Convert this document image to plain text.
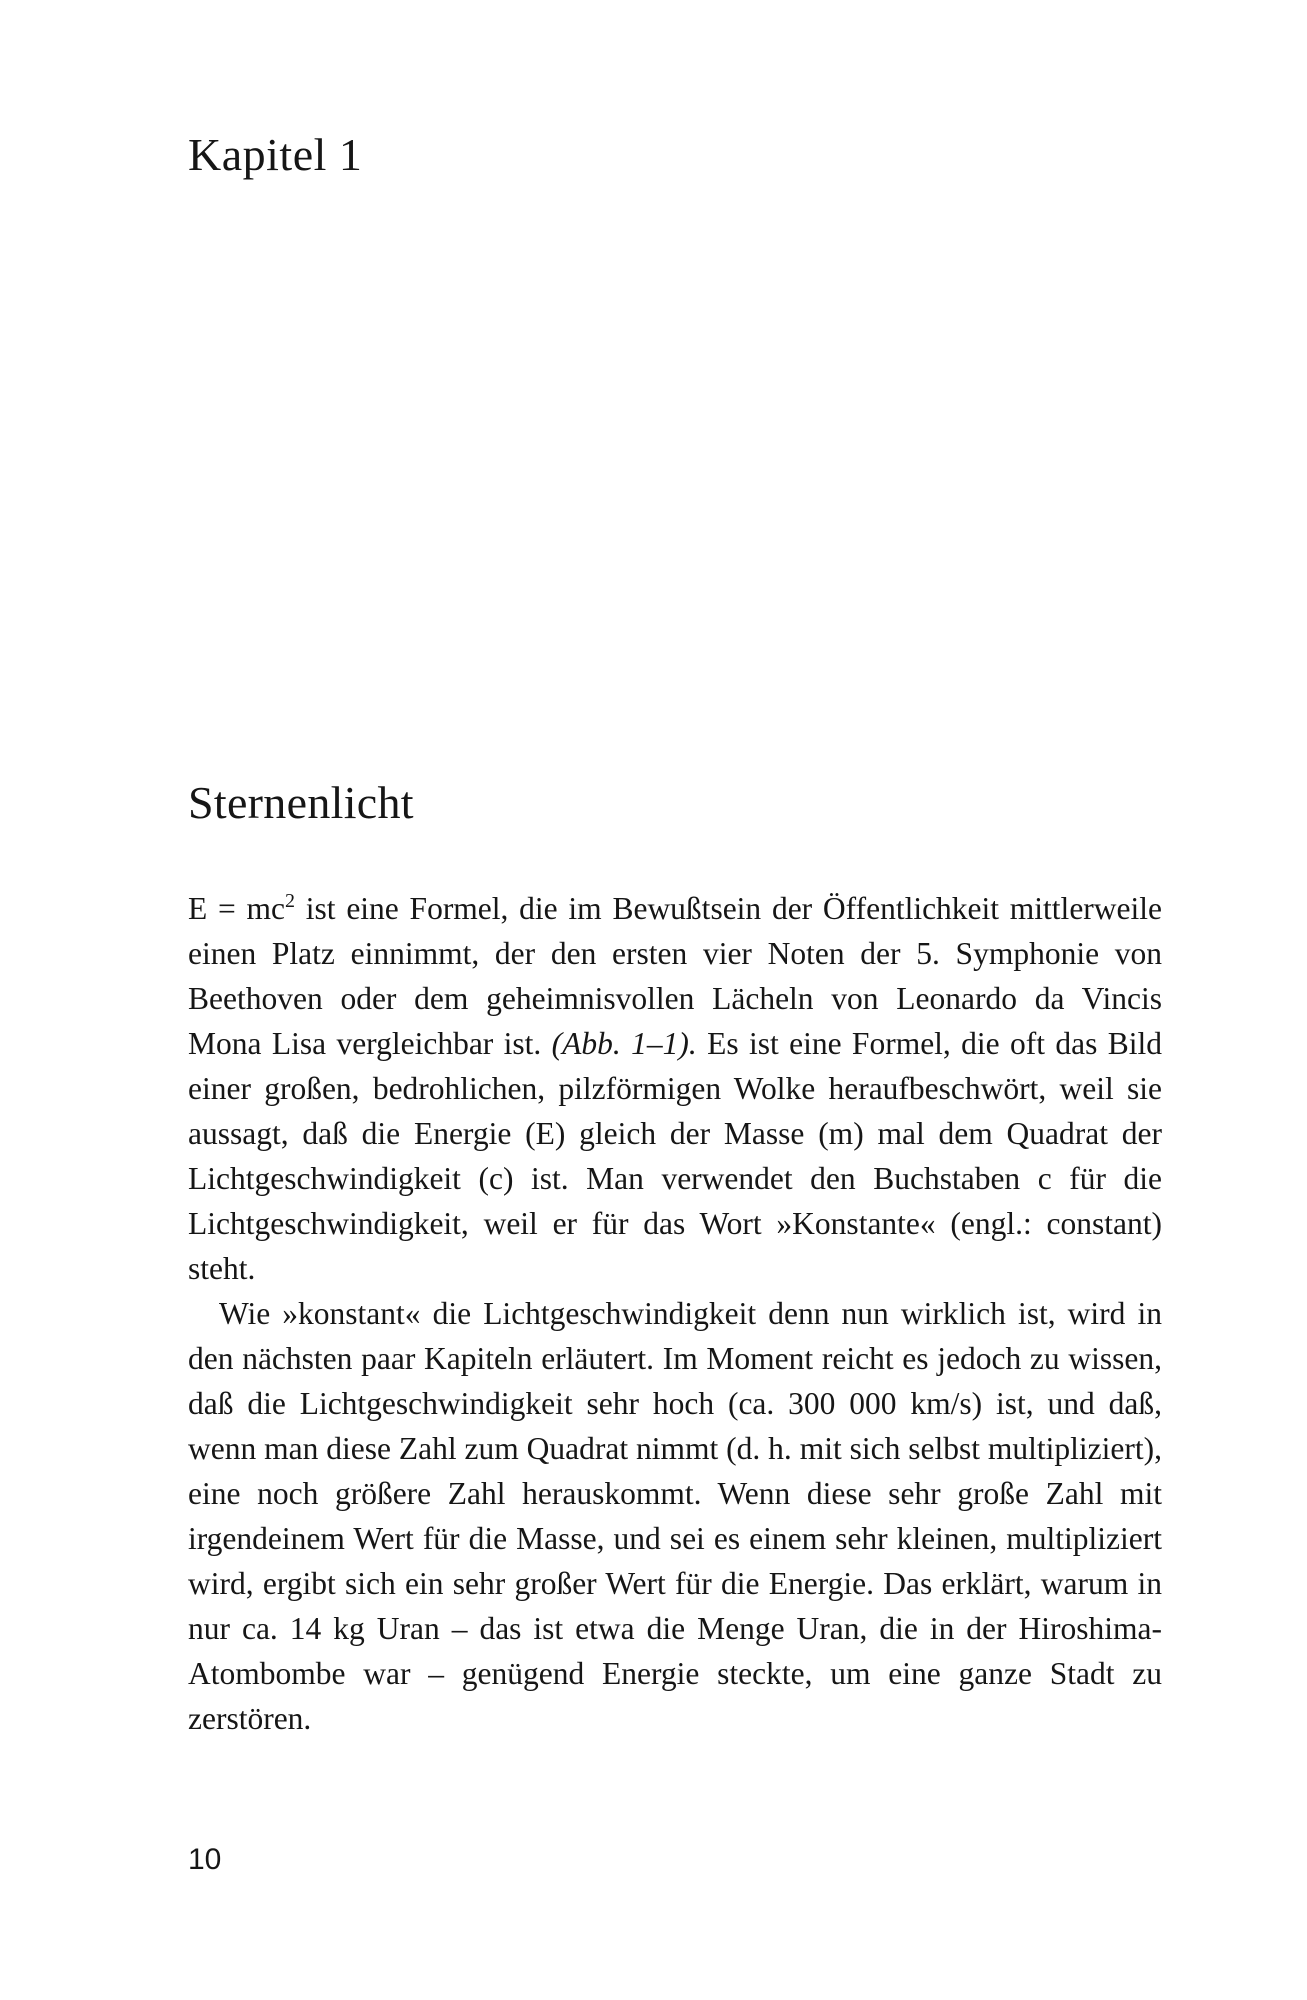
Kapitel 1
Sternenlicht

$E = mc^2$ ist eine Formel, die im Bewußtsein der Öffentlichkeit mittlerweile einen Platz einnimmt, der den ersten vier Noten der 5. Symphonie von Beethoven oder dem geheimnisvollen Lächeln von Leonardo da Vincis Mona Lisa vergleichbar ist. (Abb. 1–1). Es ist eine Formel, die oft das Bild einer großen, bedrohlichen, pilzförmigen Wolke heraufbeschwört, weil sie aussagt, daß die Energie (E) gleich der Masse (m) mal dem Quadrat der Lichtgeschwindigkeit (c) ist. Man verwendet den Buchstaben c für die Lichtgeschwindigkeit, weil er für das Wort »Konstante« (engl.: constant) steht.

Wie »konstant« die Lichtgeschwindigkeit denn nun wirklich ist, wird in den nächsten paar Kapiteln erläutert. Im Moment reicht es jedoch zu wissen, daß die Lichtgeschwindigkeit sehr hoch (ca. 300 000 km/s) ist, und daß, wenn man diese Zahl zum Quadrat nimmt (d. h. mit sich selbst multipliziert), eine noch größere Zahl herauskommt. Wenn diese sehr große Zahl mit irgendeinem Wert für die Masse, und sei es einem sehr kleinen, multipliziert wird, ergibt sich ein sehr großer Wert für die Energie. Das erklärt, warum in nur ca. 14 kg Uran – das ist etwa die Menge Uran, die in der Hiroshima-Atombombe war – genügend Energie steckte, um eine ganze Stadt zu zerstören.

10
